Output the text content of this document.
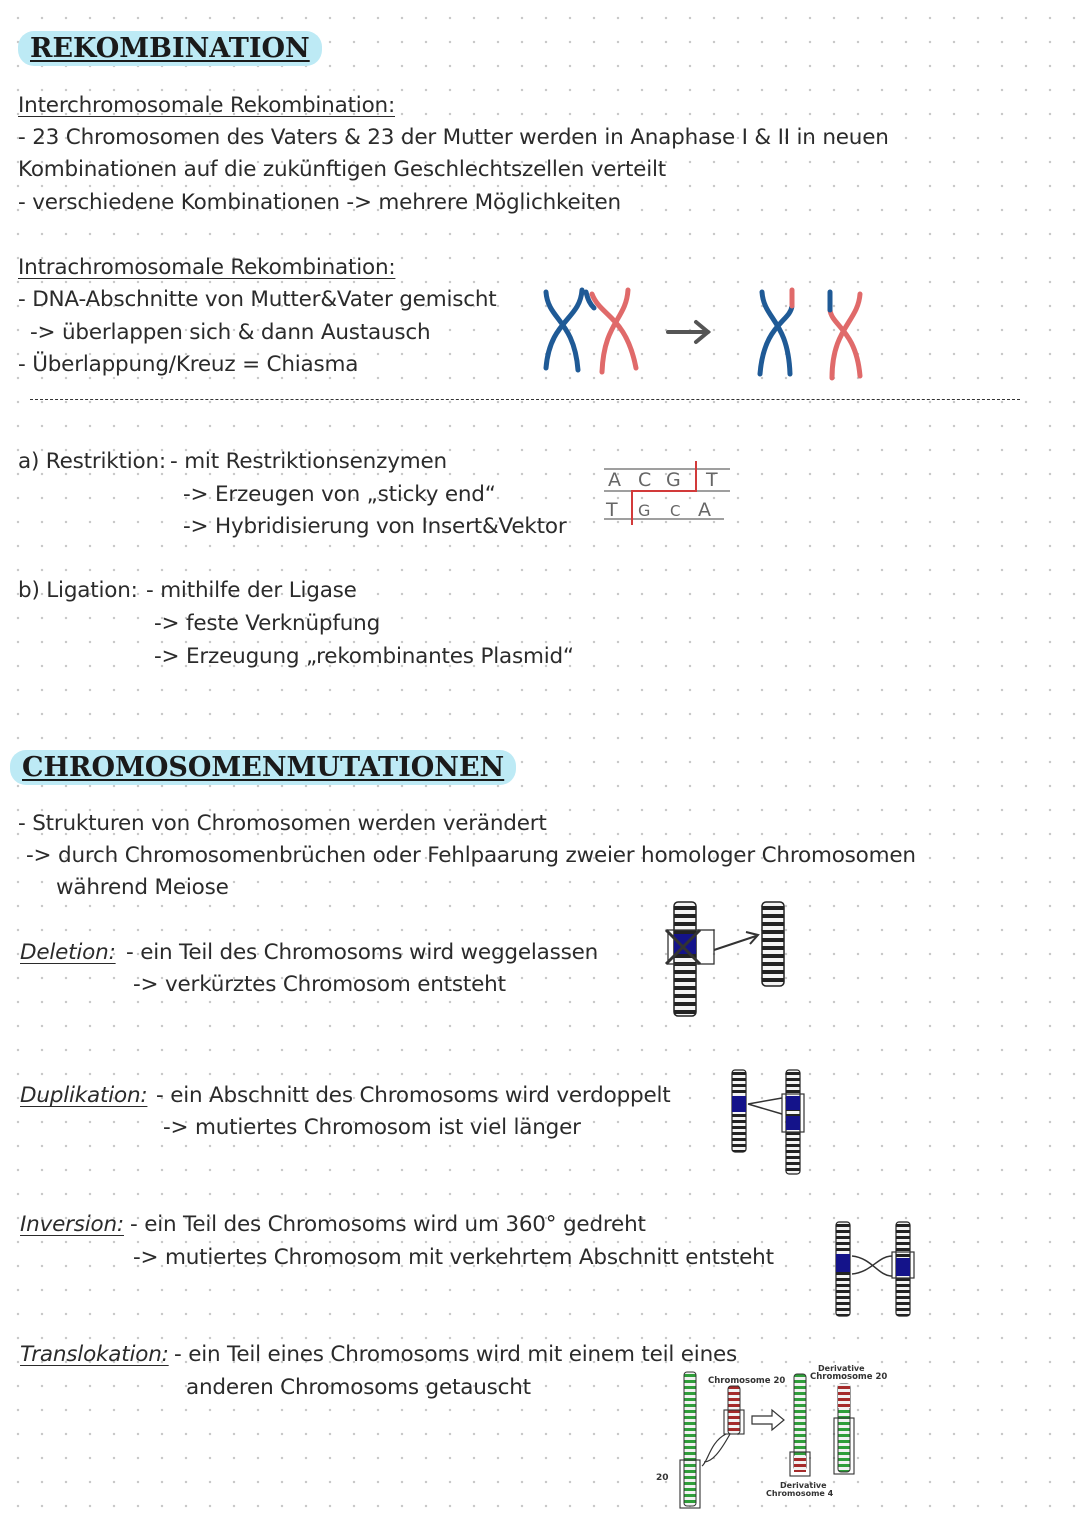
REKOMBINATION
Interchromosomale Rekombination:
- 23 Chromosomen des Vaters & 23 der Mutter werden in Anaphase I & II in neuen
Kombinationen auf die zukünftigen Geschlechtszellen verteilt
- verschiedene Kombinationen -> mehrere Möglichkeiten
Intrachromosomale Rekombination:
- DNA-Abschnitte von Mutter&Vater gemischt
-> überlappen sich & dann Austausch
- Überlappung/Kreuz = Chiasma
a) Restriktion: - mit Restriktionsenzymen
-> Erzeugen von „sticky end“
-> Hybridisierung von Insert&Vektor
A C G T
T G C A
b) Ligation: - mithilfe der Ligase
-> feste Verknüpfung
-> Erzeugung „rekombinantes Plasmid“
CHROMOSOMENMUTATIONEN
- Strukturen von Chromosomen werden verändert
-> durch Chromosomenbrüchen oder Fehlpaarung zweier homologer Chromosomen
während Meiose
Deletion: - ein Teil des Chromosoms wird weggelassen
-> verkürztes Chromosom entsteht
Duplikation: - ein Abschnitt des Chromosoms wird verdoppelt
-> mutiertes Chromosom ist viel länger
Inversion: - ein Teil des Chromosoms wird um 360° gedreht
-> mutiertes Chromosom mit verkehrtem Abschnitt entsteht
Translokation: - ein Teil eines Chromosoms wird mit einem teil eines
anderen Chromosoms getauscht	Chromosome 20
Derivative
Chromosome 20
20
Derivative
Chromosome 4
